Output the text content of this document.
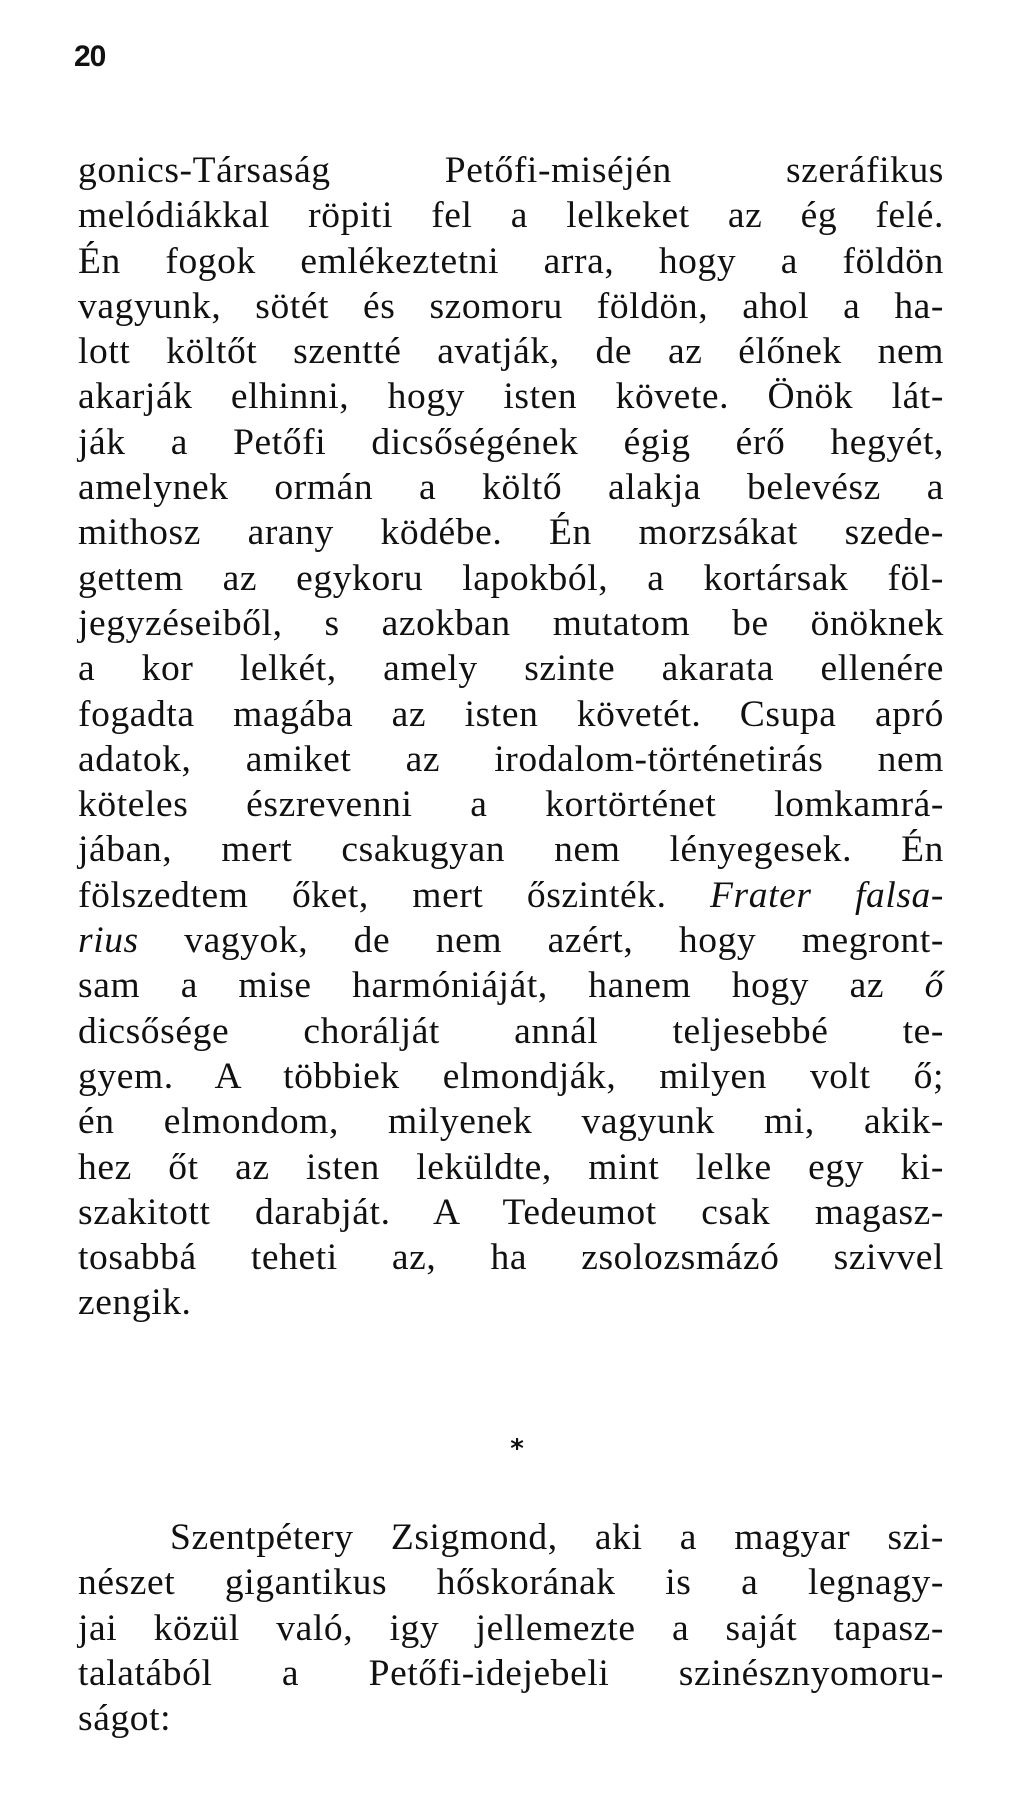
20
gonics-Társaság Petőfi-miséjén szeráfikus
melódiákkal röpiti fel a lelkeket az ég felé.
Én fogok emlékeztetni arra, hogy a földön
vagyunk, sötét és szomoru földön, ahol a ha-
lott költőt szentté avatják, de az élőnek nem
akarják elhinni, hogy isten követe. Önök lát-
ják a Petőfi dicsőségének égig érő hegyét,
amelynek ormán a költő alakja belevész a
mithosz arany ködébe. Én morzsákat szede-
gettem az egykoru lapokból, a kortársak föl-
jegyzéseiből, s azokban mutatom be önöknek
a kor lelkét, amely szinte akarata ellenére
fogadta magába az isten követét. Csupa apró
adatok, amiket az irodalom-történetirás nem
köteles észrevenni a kortörténet lomkamrá-
jában, mert csakugyan nem lényegesek. Én
fölszedtem őket, mert őszinték. Frater falsa-
rius vagyok, de nem azért, hogy megront-
sam a mise harmóniáját, hanem hogy az ő
dicsősége chorálját annál teljesebbé te-
gyem. A többiek elmondják, milyen volt ő;
én elmondom, milyenek vagyunk mi, akik-
hez őt az isten leküldte, mint lelke egy ki-
szakitott darabját. A Tedeumot csak magasz-
tosabbá teheti az, ha zsolozsmázó szivvel
zengik.
*
Szentpétery Zsigmond, aki a magyar szi-
nészet gigantikus hőskorának is a legnagy-
jai közül való, igy jellemezte a saját tapasz-
talatából a Petőfi-idejebeli szinésznyomoru-
ságot:
